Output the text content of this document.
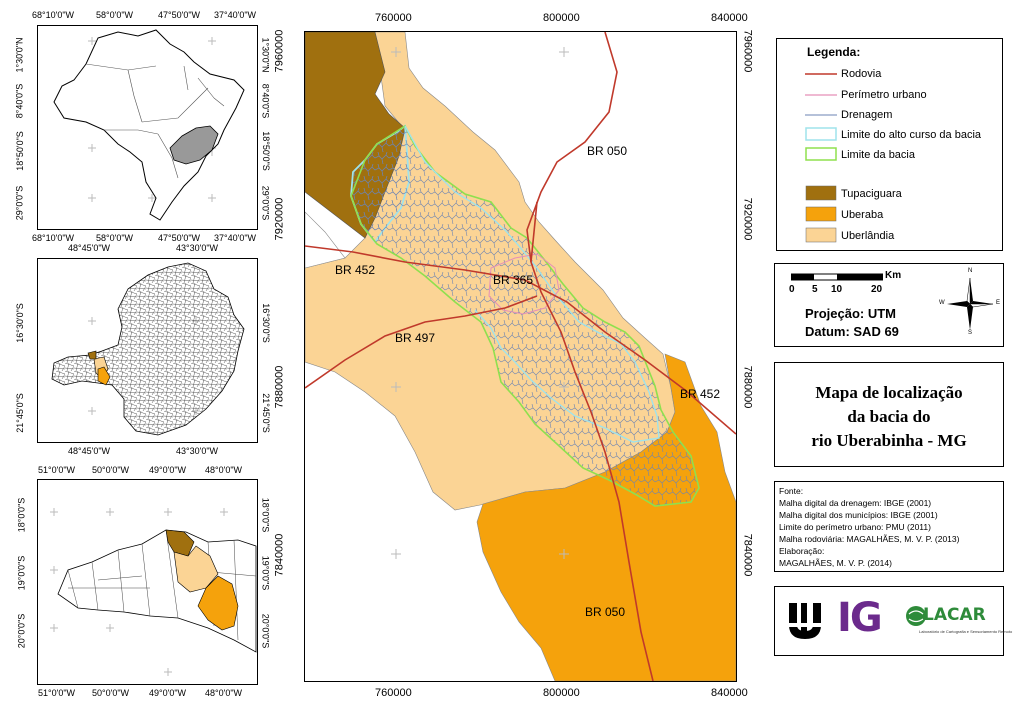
68°10'0"W 58°0'0"W	47°50'0"W 37°40'0"W
68°10'0"W 58°0'0"W	47°50'0"W 37°40'0"W
1°30'0"N
8°40'0"S
18°50'0"S
29°0'0"S
1°30'0"N
8°40'0"S
18°50'0"S
29°0'0"S
48°45'0"W	43°30'0"W
48°45'0"W	43°30'0"W
16°30'0"S
21°45'0"S
16°30'0"S
21°45'0"S
51°0'0"W 50°0'0"W 49°0'0"W 48°0'0"W
51°0'0"W 50°0'0"W 49°0'0"W 48°0'0"W
18°0'0"S
19°0'0"S
20°0'0"S
18°0'0"S
19°0'0"S
20°0'0"S
760000	800000	840000
760000	800000	840000
7960000
7920000
7880000
7840000
7960000
7920000
7880000
7840000
BR 050
BR 452
BR 365
BR 497
BR 452
BR 050
Legenda:
Rodovia
Perímetro urbano
Drenagem
Limite do alto curso da bacia
Limite da bacia
Tupaciguara
Uberaba
Uberlândia
Km
0 5 10	20
Projeção: UTM
Datum: SAD 69
N
S
E
W
Mapa de localização
da bacia do
rio Uberabinha - MG
Fonte:
Malha digital da drenagem: IBGE (2001)
Malha digital dos municípios: IBGE (2001)
Limite do perímetro urbano: PMU (2011)
Malha rodoviária: MAGALHÃES, M. V. P. (2013)
Elaboração:
MAGALHÃES, M. V. P. (2014)
IG LACAR
Laboratório de Cartografia e Sensoriamento Remoto
